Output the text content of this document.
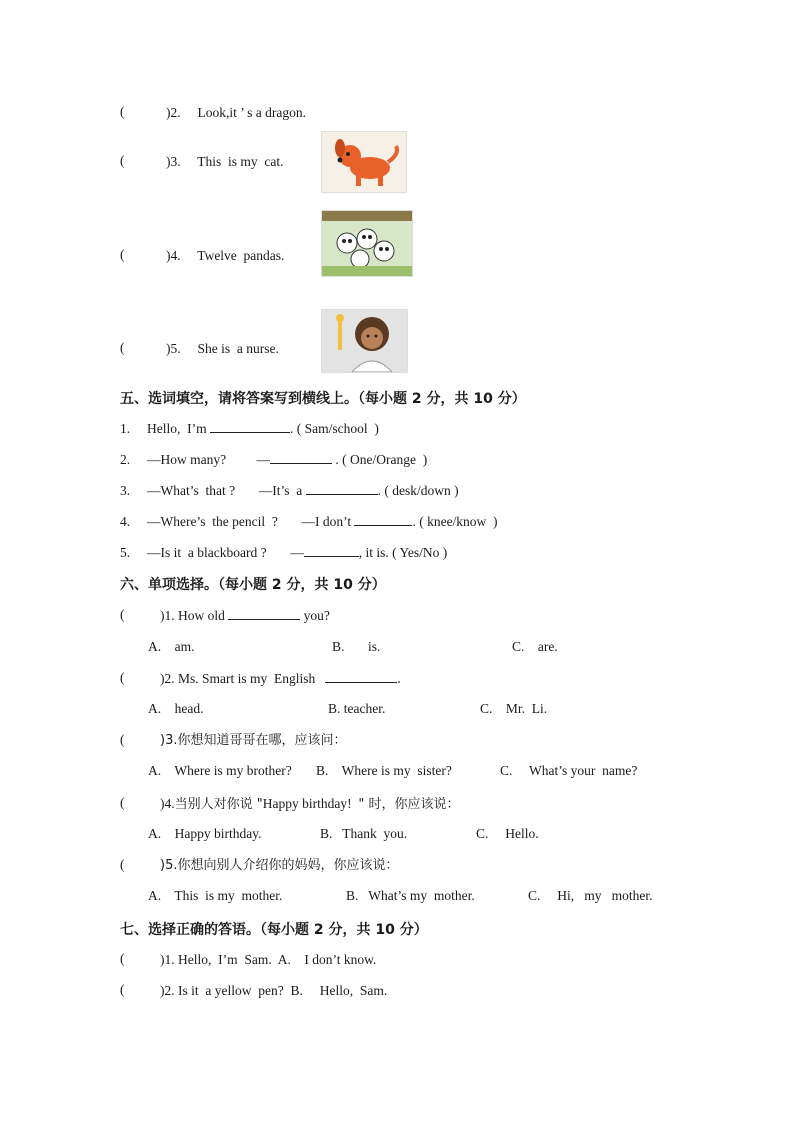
(	)2. Look,it ’ s a dragon.
(	)3. This  is my  cat.
(	)4. Twelve  pandas.
(	)5. She is  a nurse.
五、选词填空，请将答案写到横线上。（每小题 2 分，共 10 分）
1. Hello,  I’m	. ( Sam/school  )
2. —How many?         —	. ( One/Orange  )
3. —What’s  that ?       —It’s  a	. ( desk/down )
4. —Where’s  the pencil  ?       —I don’t	. ( knee/know  )
5. —Is it  a blackboard ?       —	, it is. ( Yes/No )
六、单项选择。（每小题 2 分，共 10 分）
(	)1. How old	you?
A.    am.	B.       is.	C.    are.
(	)2. Ms. Smart is my  English	.
A.    head.	B. teacher.	C.    Mr.  Li.
(	)3.你想知道哥哥在哪，应该问：
A.    Where is my brother? B.    Where is my  sister?	C.     What’s your  name?
(	)4.当别人对你说 "Happy birthday!  " 时，你应该说：
A.    Happy birthday.	B.   Thank  you.	C.     Hello.
(	)5.你想向别人介绍你的妈妈，你应该说：
A.    This  is my  mother.	B.   What’s my  mother.	C.     Hi,   my   mother.
七、选择正确的答语。（每小题 2 分，共 10 分）
(	)1. Hello,  I’m  Sam. A.    I don’t know.
(	)2. Is it  a yellow  pen? B.     Hello,  Sam.
